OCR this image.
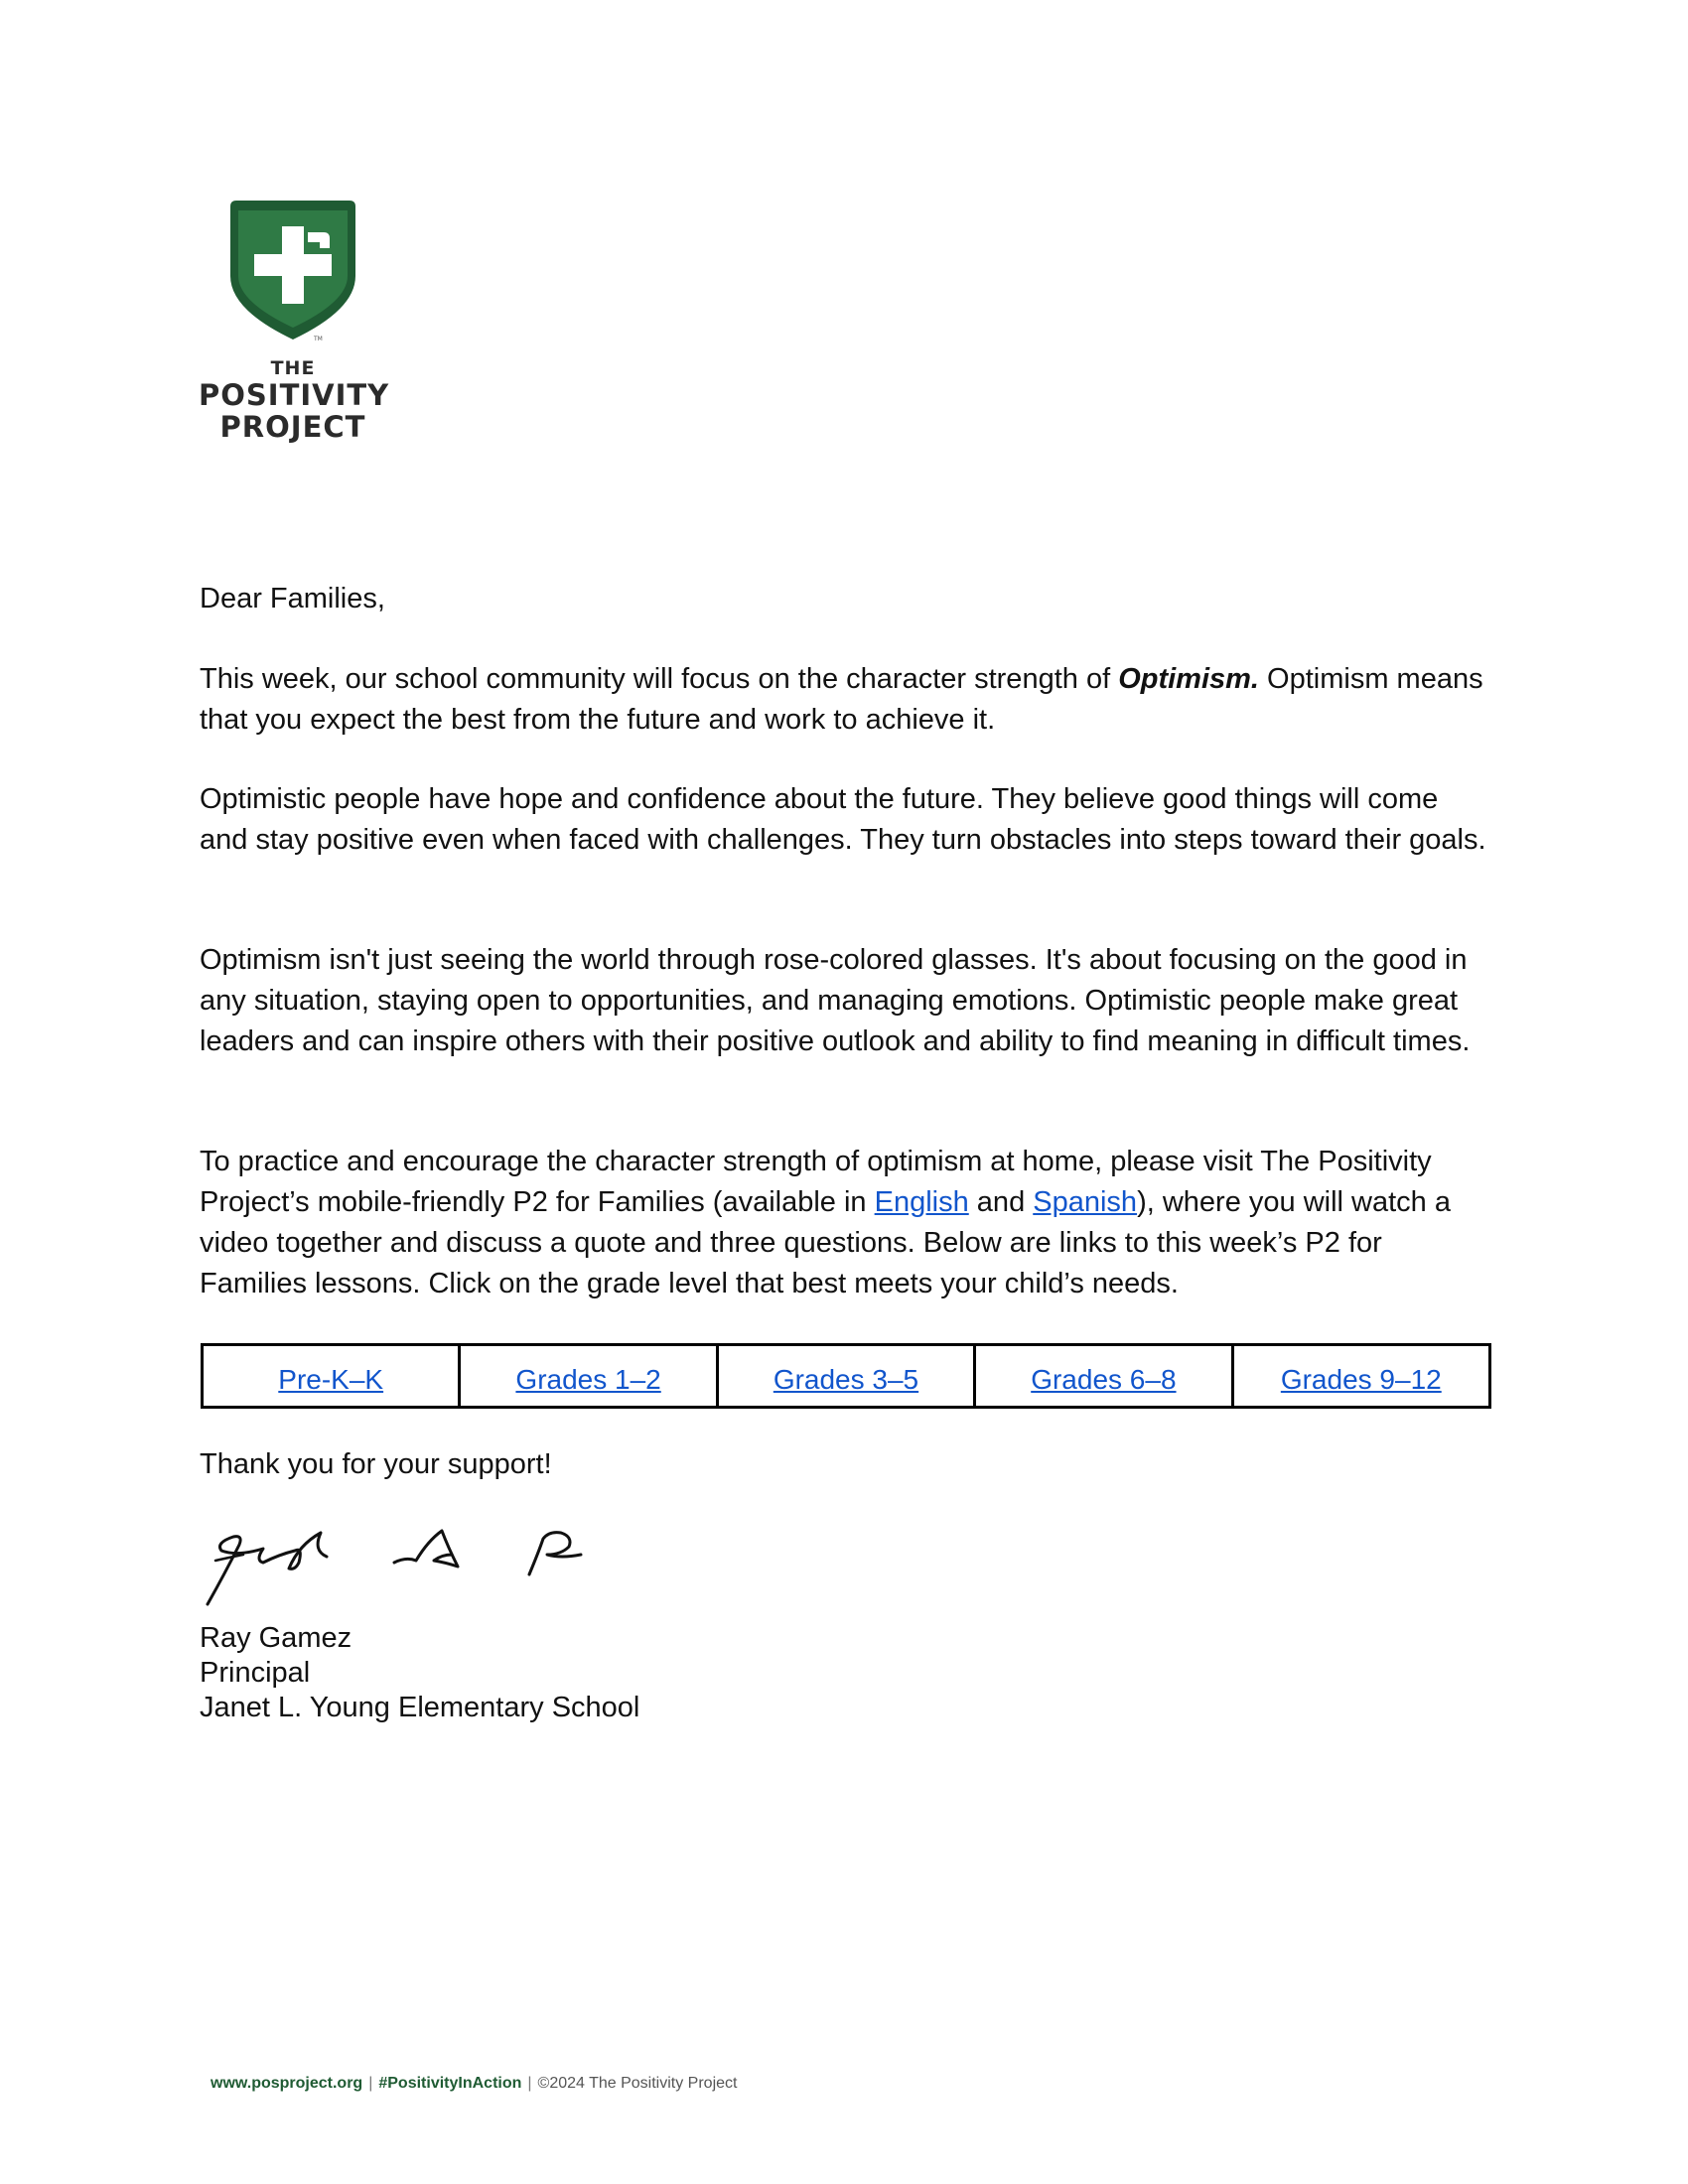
TM
THE
POSITIVITY
PROJECT

Dear Families,

This week, our school community will focus on the character strength of Optimism. Optimism means that you expect the best from the future and work to achieve it.

Optimistic people have hope and confidence about the future. They believe good things will come and stay positive even when faced with challenges. They turn obstacles into steps toward their goals.

Optimism isn't just seeing the world through rose-colored glasses. It's about focusing on the good in any situation, staying open to opportunities, and managing emotions. Optimistic people make great leaders and can inspire others with their positive outlook and ability to find meaning in difficult times.

To practice and encourage the character strength of optimism at home, please visit The Positivity Project’s mobile-friendly P2 for Families (available in English and Spanish), where you will watch a video together and discuss a quote and three questions. Below are links to this week’s P2 for Families lessons. Click on the grade level that best meets your child’s needs.

Pre-K–K	Grades 1–2	Grades 3–5	Grades 6–8	Grades 9–12

Thank you for your support!

Ray Gamez
Principal
Janet L. Young Elementary School
www.posproject.org | #PositivityInAction | ©2024 The Positivity Project
